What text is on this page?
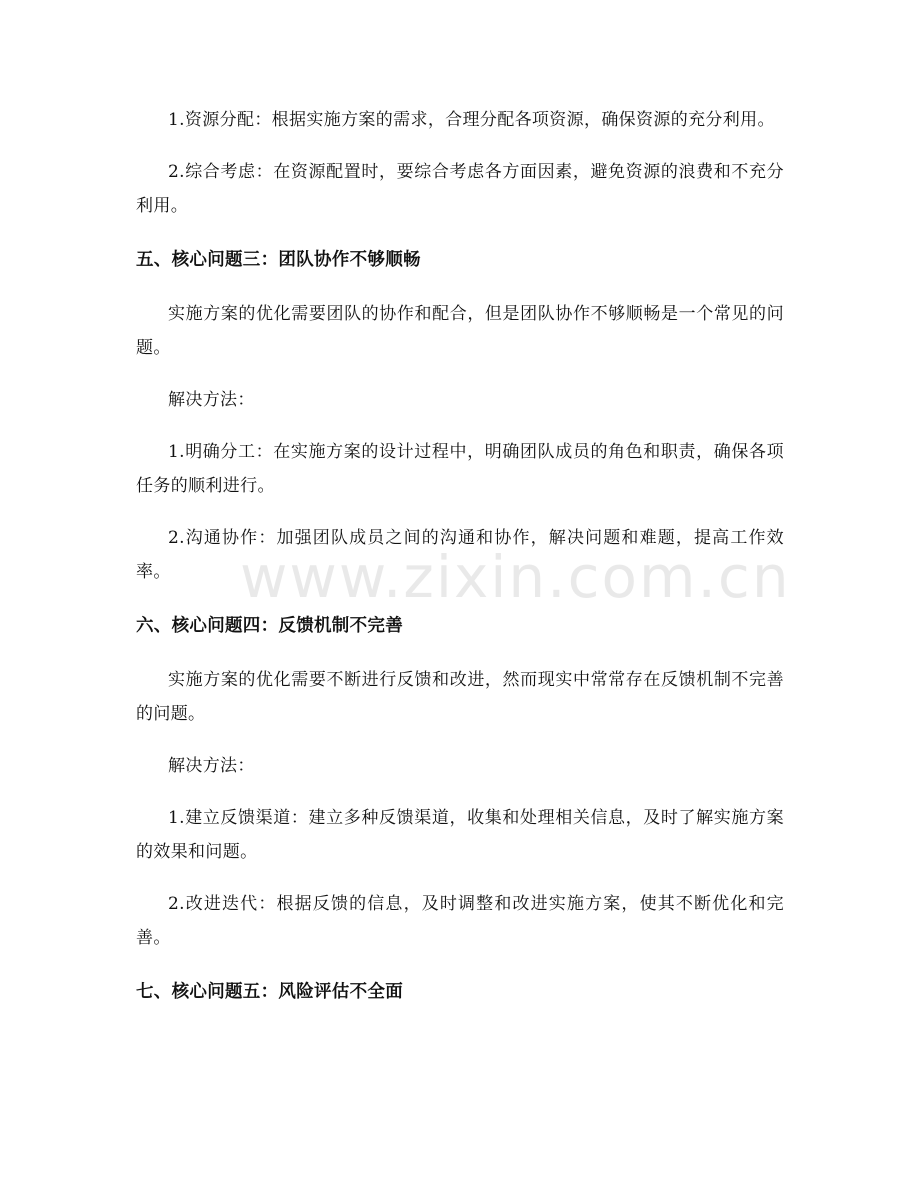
1.资源分配：根据实施方案的需求，合理分配各项资源，确保资源的充分利用。

2.综合考虑：在资源配置时，要综合考虑各方面因素，避免资源的浪费和不充分利用。

五、核心问题三：团队协作不够顺畅

实施方案的优化需要团队的协作和配合，但是团队协作不够顺畅是一个常见的问题。

解决方法：

1.明确分工：在实施方案的设计过程中，明确团队成员的角色和职责，确保各项任务的顺利进行。

2.沟通协作：加强团队成员之间的沟通和协作，解决问题和难题，提高工作效率。

六、核心问题四：反馈机制不完善

实施方案的优化需要不断进行反馈和改进，然而现实中常常存在反馈机制不完善的问题。

解决方法：

1.建立反馈渠道：建立多种反馈渠道，收集和处理相关信息，及时了解实施方案的效果和问题。

2.改进迭代：根据反馈的信息，及时调整和改进实施方案，使其不断优化和完善。

七、核心问题五：风险评估不全面
www.zixin.com.cn
